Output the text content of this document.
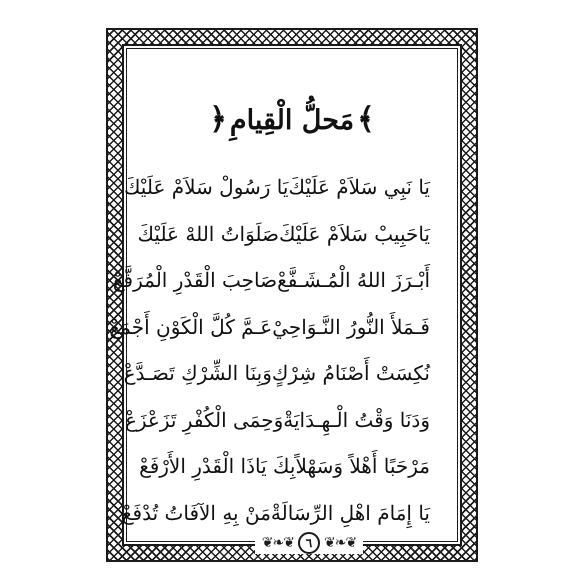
﴾مَحلُّ الْقِيامِ﴿
يَا نَبِي سَلاَمْ عَلَيْكَ
يَا رَسُولْ سَلاَمْ عَلَيْكَ
يَاحَبِيبْ سَلاَمْ عَلَيْكَ
صَلَوَاتُ اللهْ عَلَيْكَ
أَبْـرَزَ اللهُ الْمُـشَـفَّعْ
صَاحِبَ الْقَدْرِ الْمُرَفَّعْ
فَـمَلأَ النُّورُ النَّـوَاحِيْ
عَـمَّ كُلَّ الْكَوْنِ أَجْمَعْ
نُكِسَتْ أَصْنَامُ شِرْكٍ
وَبِنَا الشِّرْكِ تَصَـدَّعْ
وَدَنَا وَقْتُ الْـهِـدَايَةْ
وَحِمَى الْكُفْرِ تَزَعْزَعْ
مَرْحَبًا أَهْلاً وَسَهْلاً
بِكَ يَاذَا الْقَدْرِ الأَرْفَعْ
يَا إِمَامَ اهْلِ الرِّسَالَةْ
مَنْ بِهِ الآفَاتُ تُدْفَعْ
❦❧❦ ٦ ❦❧❦
